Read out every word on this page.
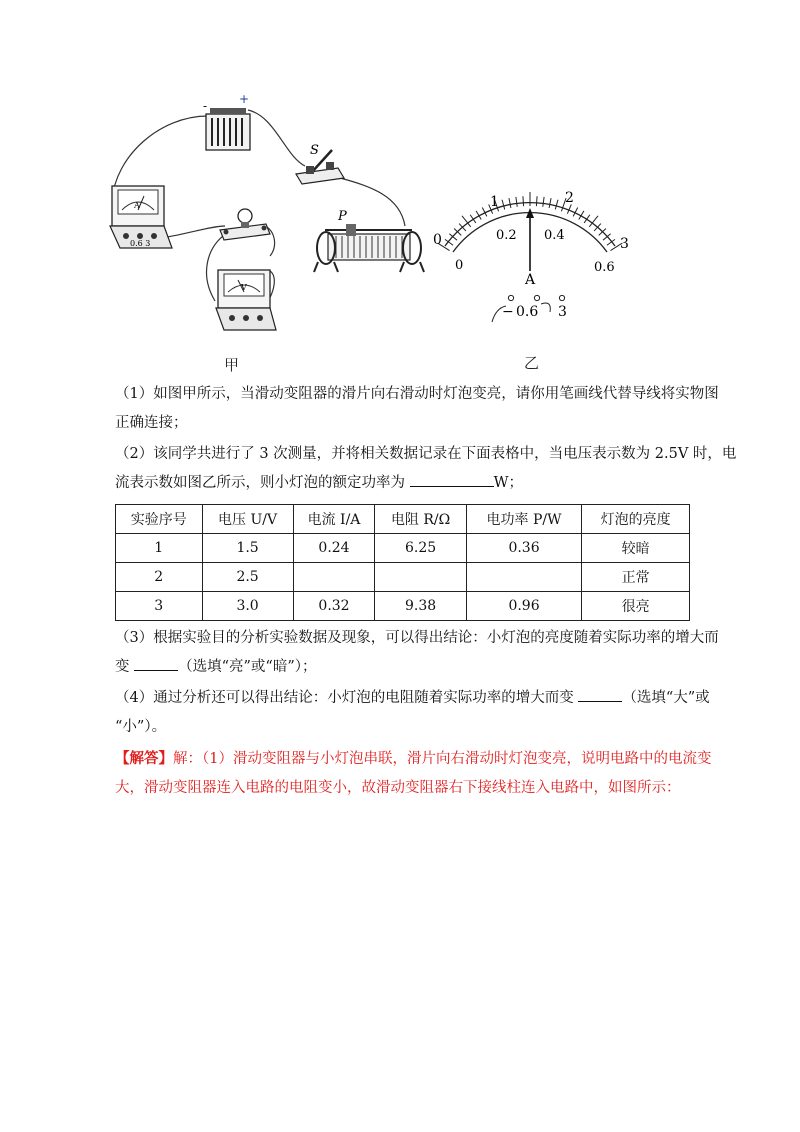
-	+
S
P
A
0.6 3
V
0
1	2
3
0
0.2 0.4
0.6
A
− 0.6 3
甲	乙
（1）如图甲所示，当滑动变阻器的滑片向右滑动时灯泡变亮，请你用笔画线代替导线将实物图
正确连接；
（2）该同学共进行了 3 次测量，并将相关数据记录在下面表格中，当电压表示数为 2.5V 时，电
流表示数如图乙所示，则小灯泡的额定功率为	W；
实验序号	电压 U/V	电流 I/A	电阻 R/Ω	电功率 P/W	灯泡的亮度
1	1.5	0.24	6.25	0.36	较暗
2	2.5				正常
3	3.0	0.32	9.38	0.96	很亮
（3）根据实验目的分析实验数据及现象，可以得出结论：小灯泡的亮度随着实际功率的增大而
变	（选填“亮”或“暗”）；
（4）通过分析还可以得出结论：小灯泡的电阻随着实际功率的增大而变	（选填“大”或
“小”）。
【解答】解：（1）滑动变阻器与小灯泡串联，滑片向右滑动时灯泡变亮，说明电路中的电流变
大，滑动变阻器连入电路的电阻变小，故滑动变阻器右下接线柱连入电路中，如图所示：
